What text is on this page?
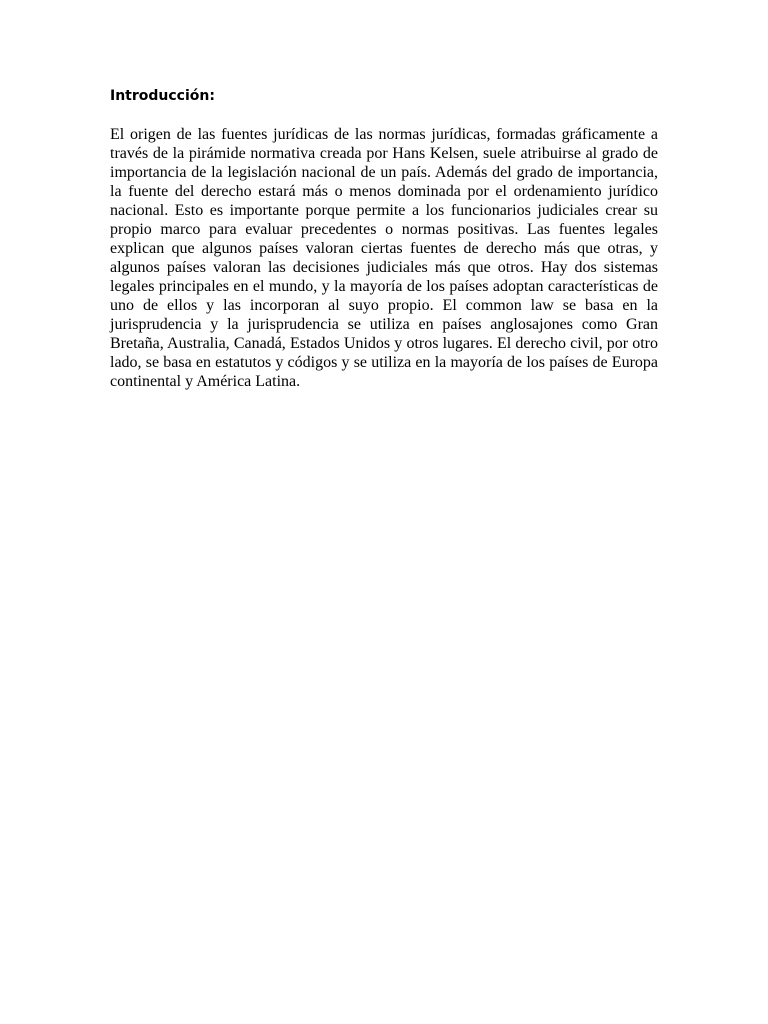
Introducción:

El origen de las fuentes jurídicas de las normas jurídicas, formadas gráficamente a través de la pirámide normativa creada por Hans Kelsen, suele atribuirse al grado de importancia de la legislación nacional de un país. Además del grado de importancia, la fuente del derecho estará más o menos dominada por el ordenamiento jurídico nacional. Esto es importante porque permite a los funcionarios judiciales crear su propio marco para evaluar precedentes o normas positivas. Las fuentes legales explican que algunos países valoran ciertas fuentes de derecho más que otras, y algunos países valoran las decisiones judiciales más que otros. Hay dos sistemas legales principales en el mundo, y la mayoría de los países adoptan características de uno de ellos y las incorporan al suyo propio. El common law se basa en la jurisprudencia y la jurisprudencia se utiliza en países anglosajones como Gran Bretaña, Australia, Canadá, Estados Unidos y otros lugares. El derecho civil, por otro lado, se basa en estatutos y códigos y se utiliza en la mayoría de los países de Europa continental y América Latina.
